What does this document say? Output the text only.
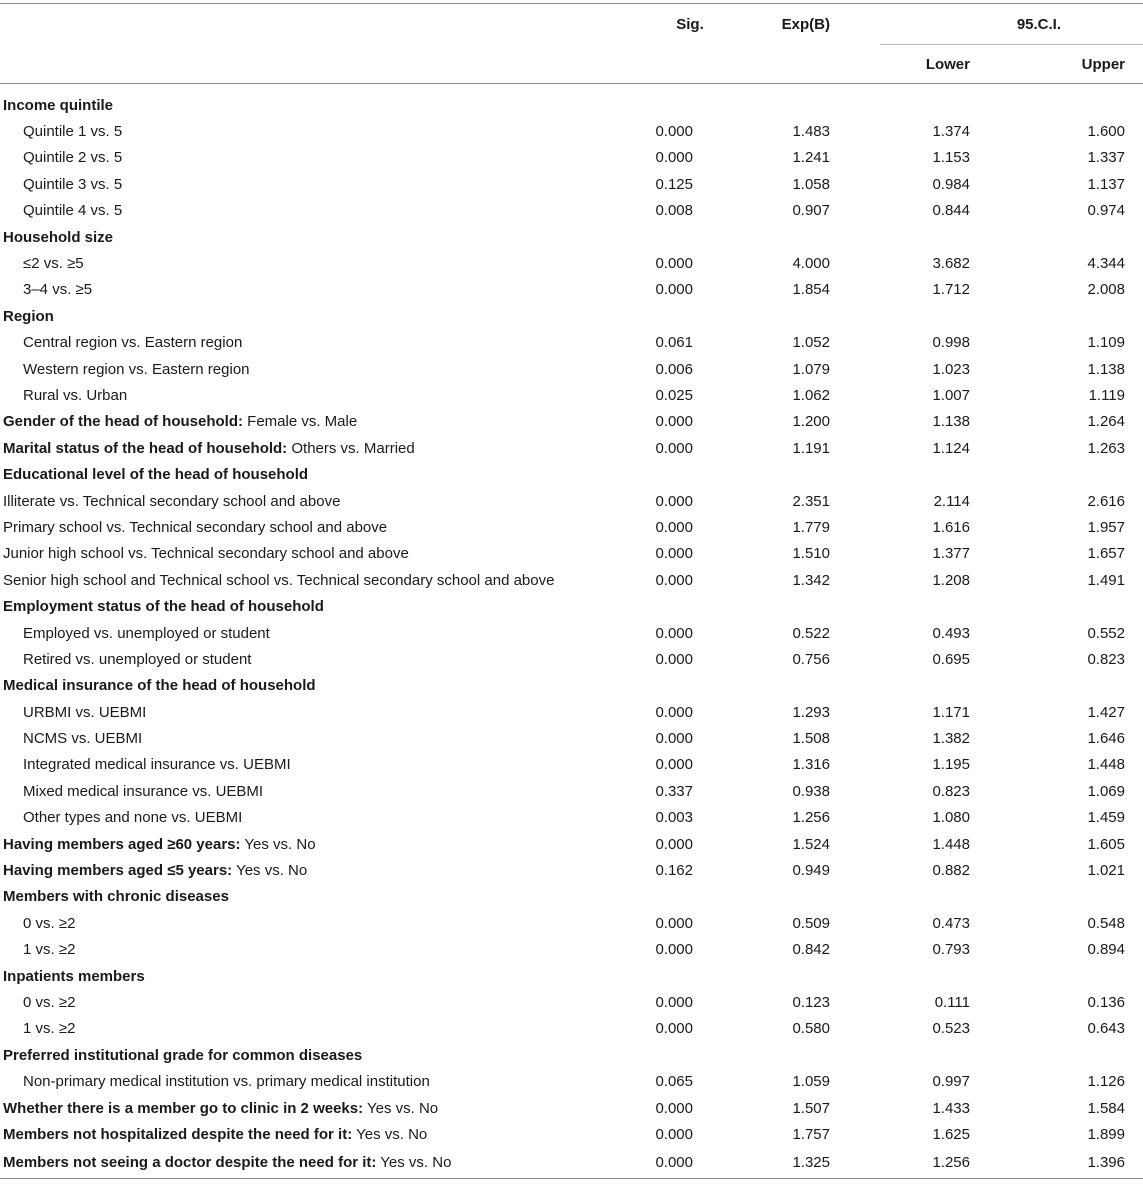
	Sig.	Exp(B)	95.C.I.	
			Lower	Upper
Income quintile				
Quintile 1 vs. 5	0.000	1.483	1.374	1.600
Quintile 2 vs. 5	0.000	1.241	1.153	1.337
Quintile 3 vs. 5	0.125	1.058	0.984	1.137
Quintile 4 vs. 5	0.008	0.907	0.844	0.974
Household size				
≤2 vs. ≥5	0.000	4.000	3.682	4.344
3–4 vs. ≥5	0.000	1.854	1.712	2.008
Region				
Central region vs. Eastern region	0.061	1.052	0.998	1.109
Western region vs. Eastern region	0.006	1.079	1.023	1.138
Rural vs. Urban	0.025	1.062	1.007	1.119
Gender of the head of household: Female vs. Male	0.000	1.200	1.138	1.264
Marital status of the head of household: Others vs. Married	0.000	1.191	1.124	1.263
Educational level of the head of household				
Illiterate vs. Technical secondary school and above	0.000	2.351	2.114	2.616
Primary school vs. Technical secondary school and above	0.000	1.779	1.616	1.957
Junior high school vs. Technical secondary school and above	0.000	1.510	1.377	1.657
Senior high school and Technical school vs. Technical secondary school and above	0.000	1.342	1.208	1.491
Employment status of the head of household				
Employed vs. unemployed or student	0.000	0.522	0.493	0.552
Retired vs. unemployed or student	0.000	0.756	0.695	0.823
Medical insurance of the head of household				
URBMI vs. UEBMI	0.000	1.293	1.171	1.427
NCMS vs. UEBMI	0.000	1.508	1.382	1.646
Integrated medical insurance vs. UEBMI	0.000	1.316	1.195	1.448
Mixed medical insurance vs. UEBMI	0.337	0.938	0.823	1.069
Other types and none vs. UEBMI	0.003	1.256	1.080	1.459
Having members aged ≥60 years: Yes vs. No	0.000	1.524	1.448	1.605
Having members aged ≤5 years: Yes vs. No	0.162	0.949	0.882	1.021
Members with chronic diseases				
0 vs. ≥2	0.000	0.509	0.473	0.548
1 vs. ≥2	0.000	0.842	0.793	0.894
Inpatients members				
0 vs. ≥2	0.000	0.123	0.111	0.136
1 vs. ≥2	0.000	0.580	0.523	0.643
Preferred institutional grade for common diseases				
Non-primary medical institution vs. primary medical institution	0.065	1.059	0.997	1.126
Whether there is a member go to clinic in 2 weeks: Yes vs. No	0.000	1.507	1.433	1.584
Members not hospitalized despite the need for it: Yes vs. No	0.000	1.757	1.625	1.899
Members not seeing a doctor despite the need for it: Yes vs. No	0.000	1.325	1.256	1.396
